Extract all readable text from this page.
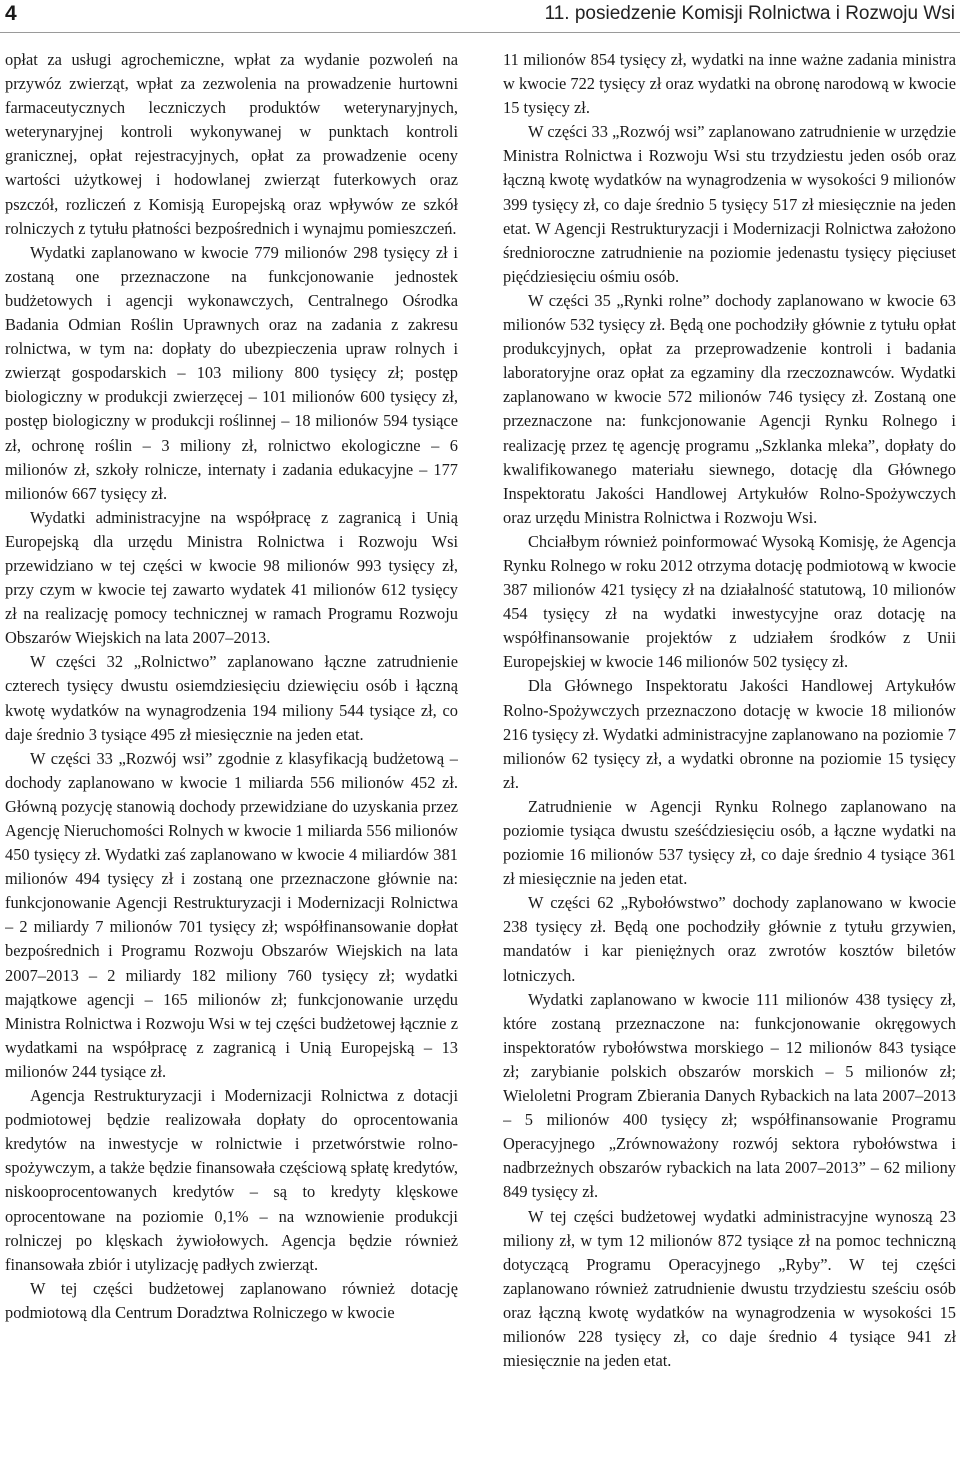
4	11. posiedzenie Komisji Rolnictwa i Rozwoju Wsi

opłat za usługi agrochemiczne, wpłat za wydanie pozwoleń na przywóz zwierząt, wpłat za zezwolenia na prowadzenie hurtowni farmaceutycznych leczniczych produktów weterynaryjnych, weterynaryjnej kontroli wykonywanej w punktach kontroli granicznej, opłat rejestracyjnych, opłat za prowadzenie oceny wartości użytkowej i hodowlanej zwierząt futerkowych oraz pszczół, rozliczeń z Komisją Europejską oraz wpływów ze szkół rolniczych z tytułu płatności bezpośrednich i wynajmu pomieszczeń.

Wydatki zaplanowano w kwocie 779 milionów 298 tysięcy zł i zostaną one przeznaczone na funkcjonowanie jednostek budżetowych i agencji wykonawczych, Centralnego Ośrodka Badania Odmian Roślin Uprawnych oraz na zadania z zakresu rolnictwa, w tym na: dopłaty do ubezpieczenia upraw rolnych i zwierząt gospodarskich – 103 miliony 800 tysięcy zł; postęp biologiczny w produkcji zwierzęcej – 101 milionów 600 tysięcy zł, postęp biologiczny w produkcji roślinnej – 18 milionów 594 tysiące zł, ochronę roślin – 3 miliony zł, rolnictwo ekologiczne – 6 milionów zł, szkoły rolnicze, internaty i zadania edukacyjne – 177 milionów 667 tysięcy zł.

Wydatki administracyjne na współpracę z zagranicą i Unią Europejską dla urzędu Ministra Rolnictwa i Rozwoju Wsi przewidziano w tej części w kwocie 98 milionów 993 tysięcy zł, przy czym w kwocie tej zawarto wydatek 41 milionów 612 tysięcy zł na realizację pomocy technicznej w ramach Programu Rozwoju Obszarów Wiejskich na lata 2007–2013.

W części 32 „Rolnictwo” zaplanowano łączne zatrudnienie czterech tysięcy dwustu osiemdziesięciu dziewięciu osób i łączną kwotę wydatków na wynagrodzenia 194 miliony 544 tysiące zł, co daje średnio 3 tysiące 495 zł miesięcznie na jeden etat.

W części 33 „Rozwój wsi” zgodnie z klasyfikacją budżetową – dochody zaplanowano w kwocie 1 miliarda 556 milionów 452 zł. Główną pozycję stanowią dochody przewidziane do uzyskania przez Agencję Nieruchomości Rolnych w kwocie 1 miliarda 556 milionów 450 tysięcy zł. Wydatki zaś zaplanowano w kwocie 4 miliardów 381 milionów 494 tysięcy zł i zostaną one przeznaczone głównie na: funkcjonowanie Agencji Restrukturyzacji i Modernizacji Rolnictwa – 2 miliardy 7 milionów 701 tysięcy zł; współfinansowanie dopłat bezpośrednich i Programu Rozwoju Obszarów Wiejskich na lata 2007–2013 – 2 miliardy 182 miliony 760 tysięcy zł; wydatki majątkowe agencji – 165 milionów zł; funkcjonowanie urzędu Ministra Rolnictwa i Rozwoju Wsi w tej części budżetowej łącznie z wydatkami na współpracę z zagranicą i Unią Europejską – 13 milionów 244 tysiące zł.

Agencja Restrukturyzacji i Modernizacji Rolnictwa z dotacji podmiotowej będzie realizowała dopłaty do oprocentowania kredytów na inwestycje w rolnictwie i przetwórstwie rolno-spożywczym, a także będzie finansowała częściową spłatę kredytów, niskooprocentowanych kredytów – są to kredyty klęskowe oprocentowane na poziomie 0,1% – na wznowienie produkcji rolniczej po klęskach żywiołowych. Agencja będzie również finansowała zbiór i utylizację padłych zwierząt.

W tej części budżetowej zaplanowano również dotację podmiotową dla Centrum Doradztwa Rolniczego w kwocie

11 milionów 854 tysięcy zł, wydatki na inne ważne zadania ministra w kwocie 722 tysięcy zł oraz wydatki na obronę narodową w kwocie 15 tysięcy zł.

W części 33 „Rozwój wsi” zaplanowano zatrudnienie w urzędzie Ministra Rolnictwa i Rozwoju Wsi stu trzydziestu jeden osób oraz łączną kwotę wydatków na wynagrodzenia w wysokości 9 milionów 399 tysięcy zł, co daje średnio 5 tysięcy 517 zł miesięcznie na jeden etat. W Agencji Restrukturyzacji i Modernizacji Rolnictwa założono średnioroczne zatrudnienie na poziomie jedenastu tysięcy pięciuset pięćdziesięciu ośmiu osób.

W części 35 „Rynki rolne” dochody zaplanowano w kwocie 63 milionów 532 tysięcy zł. Będą one pochodziły głównie z tytułu opłat produkcyjnych, opłat za przeprowadzenie kontroli i badania laboratoryjne oraz opłat za egzaminy dla rzeczoznawców. Wydatki zaplanowano w kwocie 572 milionów 746 tysięcy zł. Zostaną one przeznaczone na: funkcjonowanie Agencji Rynku Rolnego i realizację przez tę agencję programu „Szklanka mleka”, dopłaty do kwalifikowanego materiału siewnego, dotację dla Głównego Inspektoratu Jakości Handlowej Artykułów Rolno-Spożywczych oraz urzędu Ministra Rolnictwa i Rozwoju Wsi.

Chciałbym również poinformować Wysoką Komisję, że Agencja Rynku Rolnego w roku 2012 otrzyma dotację podmiotową w kwocie 387 milionów 421 tysięcy zł na działalność statutową, 10 milionów 454 tysięcy zł na wydatki inwestycyjne oraz dotację na współfinansowanie projektów z udziałem środków z Unii Europejskiej w kwocie 146 milionów 502 tysięcy zł.

Dla Głównego Inspektoratu Jakości Handlowej Artykułów Rolno-Spożywczych przeznaczono dotację w kwocie 18 milionów 216 tysięcy zł. Wydatki administracyjne zaplanowano na poziomie 7 milionów 62 tysięcy zł, a wydatki obronne na poziomie 15 tysięcy zł.

Zatrudnienie w Agencji Rynku Rolnego zaplanowano na poziomie tysiąca dwustu sześćdziesięciu osób, a łączne wydatki na poziomie 16 milionów 537 tysięcy zł, co daje średnio 4 tysiące 361 zł miesięcznie na jeden etat.

W części 62 „Rybołówstwo” dochody zaplanowano w kwocie 238 tysięcy zł. Będą one pochodziły głównie z tytułu grzywien, mandatów i kar pieniężnych oraz zwrotów kosztów biletów lotniczych.

Wydatki zaplanowano w kwocie 111 milionów 438 tysięcy zł, które zostaną przeznaczone na: funkcjonowanie okręgowych inspektoratów rybołówstwa morskiego – 12 milionów 843 tysiące zł; zarybianie polskich obszarów morskich – 5 milionów zł; Wieloletni Program Zbierania Danych Rybackich na lata 2007–2013 – 5 milionów 400 tysięcy zł; współfinansowanie Programu Operacyjnego „Zrównoważony rozwój sektora rybołówstwa i nadbrzeżnych obszarów rybackich na lata 2007–2013” – 62 miliony 849 tysięcy zł.

W tej części budżetowej wydatki administracyjne wynoszą 23 miliony zł, w tym 12 milionów 872 tysiące zł na pomoc techniczną dotyczącą Programu Operacyjnego „Ryby”. W tej części zaplanowano również zatrudnienie dwustu trzydziestu sześciu osób oraz łączną kwotę wydatków na wynagrodzenia w wysokości 15 milionów 228 tysięcy zł, co daje średnio 4 tysiące 941 zł miesięcznie na jeden etat.
